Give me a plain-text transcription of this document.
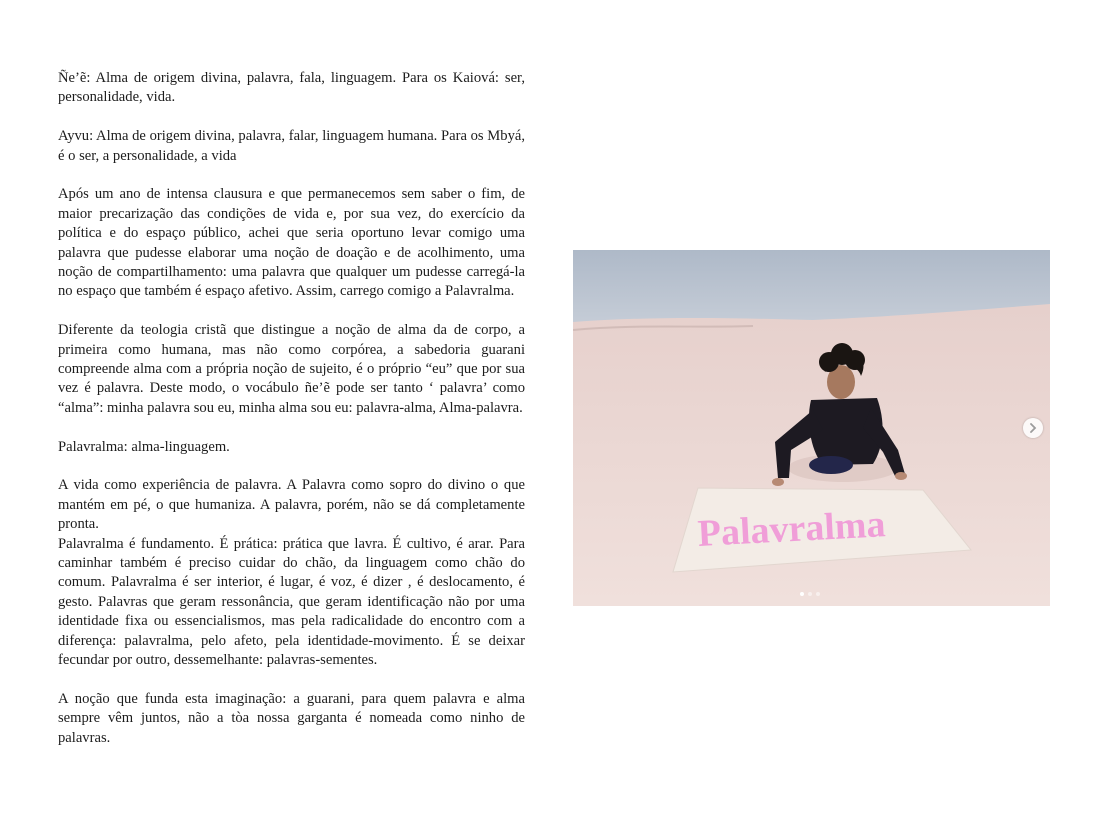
Ñe’ẽ: Alma de origem divina, palavra, fala, linguagem. Para os Kaiová: ser, personalidade, vida.

Ayvu: Alma de origem divina, palavra, falar, linguagem humana. Para os Mbyá, é o ser, a personalidade, a vida

Após um ano de intensa clausura e que permanecemos sem saber o fim, de maior precarização das condições de vida e, por sua vez, do exercício da política e do espaço público, achei que seria oportuno levar comigo uma palavra que pudesse elaborar uma noção de doação e de acolhimento, uma noção de compartilhamento: uma palavra que qualquer um pudesse carregá-la no espaço que também é espaço afetivo. Assim, carrego comigo a Palavralma.

Diferente da teologia cristã que distingue a noção de alma da de corpo, a primeira como humana, mas não como corpórea, a sabedoria guarani compreende alma com a própria noção de sujeito, é o próprio “eu” que por sua vez é palavra. Deste modo, o vocábulo ñe’ẽ pode ser tanto ‘ palavra’ como “alma”: minha palavra sou eu, minha alma sou eu: palavra-alma, Alma-palavra.

Palavralma: alma-linguagem.

A vida como experiência de palavra. A Palavra como sopro do divino o que mantém em pé, o que humaniza. A palavra, porém, não se dá completamente pronta.

Palavralma é fundamento. É prática: prática que lavra. É cultivo, é arar. Para caminhar também é preciso cuidar do chão, da linguagem como chão do comum. Palavralma é ser interior, é lugar, é voz, é dizer , é deslocamento, é gesto. Palavras que geram ressonância, que geram identificação não por uma identidade fixa ou essencialismos, mas pela radicalidade do encontro com a diferença: palavralma, pelo afeto, pela identidade-movimento. É se deixar fecundar por outro, dessemelhante: palavras-sementes.

A noção que funda esta imaginação: a guarani, para quem palavra e alma sempre vêm juntos, não a tòa nossa garganta é nomeada como ninho de palavras.

Palavralma
